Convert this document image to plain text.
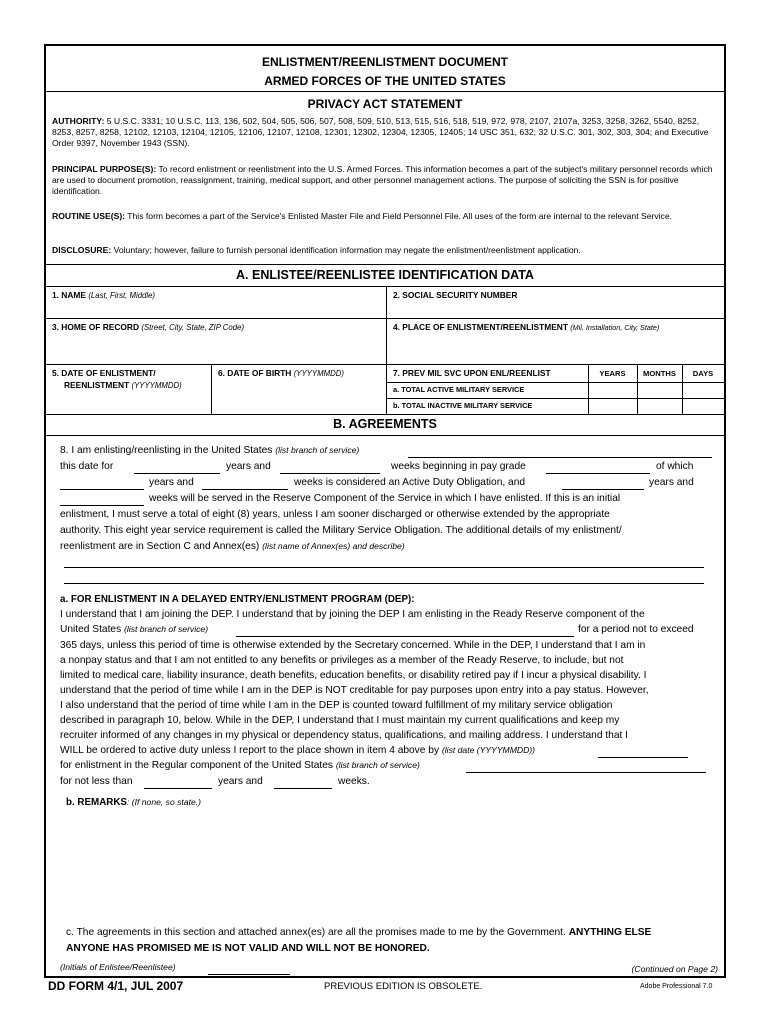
ENLISTMENT/REENLISTMENT DOCUMENT
ARMED FORCES OF THE UNITED STATES
PRIVACY ACT STATEMENT
AUTHORITY: 5 U.S.C. 3331; 10 U.S.C. 113, 136, 502, 504, 505, 506, 507, 508, 509, 510, 513, 515, 516, 518, 519, 972, 978, 2107, 2107a, 3253, 3258, 3262, 5540, 8252, 8253, 8257, 8258, 12102, 12103, 12104, 12105, 12106, 12107, 12108, 12301, 12302, 12304, 12305, 12405; 14 USC 351, 632; 32 U.S.C. 301, 302, 303, 304; and Executive Order 9397, November 1943 (SSN).
PRINCIPAL PURPOSE(S): To record enlistment or reenlistment into the U.S. Armed Forces. This information becomes a part of the subject's military personnel records which are used to document promotion, reassignment, training, medical support, and other personnel management actions. The purpose of soliciting the SSN is for positive identification.
ROUTINE USE(S): This form becomes a part of the Service's Enlisted Master File and Field Personnel File. All uses of the form are internal to the relevant Service.
DISCLOSURE: Voluntary; however, failure to furnish personal identification information may negate the enlistment/reenlistment application.
A. ENLISTEE/REENLISTEE IDENTIFICATION DATA
1. NAME (Last, First, Middle)	2. SOCIAL SECURITY NUMBER
3. HOME OF RECORD (Street, City, State, ZIP Code)	4. PLACE OF ENLISTMENT/REENLISTMENT (Mil. Installation, City, State)
5. DATE OF ENLISTMENT/
REENLISTMENT (YYYYMMDD)
6. DATE OF BIRTH (YYYYMMDD)	7. PREV MIL SVC UPON ENL/REENLIST	YEARS	MONTHS	DAYS
a. TOTAL ACTIVE MILITARY SERVICE
b. TOTAL INACTIVE MILITARY SERVICE
B. AGREEMENTS
8. I am enlisting/reenlisting in the United States (list branch of service)
this date for	years and	weeks beginning in pay grade	of which
years and	weeks is considered an Active Duty Obligation, and	years and
weeks will be served in the Reserve Component of the Service in which I have enlisted. If this is an initial
enlistment, I must serve a total of eight (8) years, unless I am sooner discharged or otherwise extended by the appropriate
authority. This eight year service requirement is called the Military Service Obligation. The additional details of my enlistment/
reenlistment are in Section C and Annex(es) (list name of Annex(es) and describe)
a. FOR ENLISTMENT IN A DELAYED ENTRY/ENLISTMENT PROGRAM (DEP):
I understand that I am joining the DEP. I understand that by joining the DEP I am enlisting in the Ready Reserve component of the
United States (list branch of service)	for a period not to exceed
365 days, unless this period of time is otherwise extended by the Secretary concerned. While in the DEP, I understand that I am in
a nonpay status and that I am not entitled to any benefits or privileges as a member of the Ready Reserve, to include, but not
limited to medical care, liability insurance, death benefits, education benefits, or disability retired pay if I incur a physical disability. I
understand that the period of time while I am in the DEP is NOT creditable for pay purposes upon entry into a pay status. However,
I also understand that the period of time while I am in the DEP is counted toward fulfillment of my military service obligation
described in paragraph 10, below. While in the DEP, I understand that I must maintain my current qualifications and keep my
recruiter informed of any changes in my physical or dependency status, qualifications, and mailing address. I understand that I
WILL be ordered to active duty unless I report to the place shown in item 4 above by (list date (YYYYMMDD))
for enlistment in the Regular component of the United States (list branch of service)
for not less than	years and	weeks.
b. REMARKS: (If none, so state.)
c. The agreements in this section and attached annex(es) are all the promises made to me by the Government. ANYTHING ELSE
ANYONE HAS PROMISED ME IS NOT VALID AND WILL NOT BE HONORED.
(Initials of Enlistee/Reenlistee)	(Continued on Page 2)
DD FORM 4/1, JUL 2007	PREVIOUS EDITION IS OBSOLETE.	Adobe Professional 7.0
